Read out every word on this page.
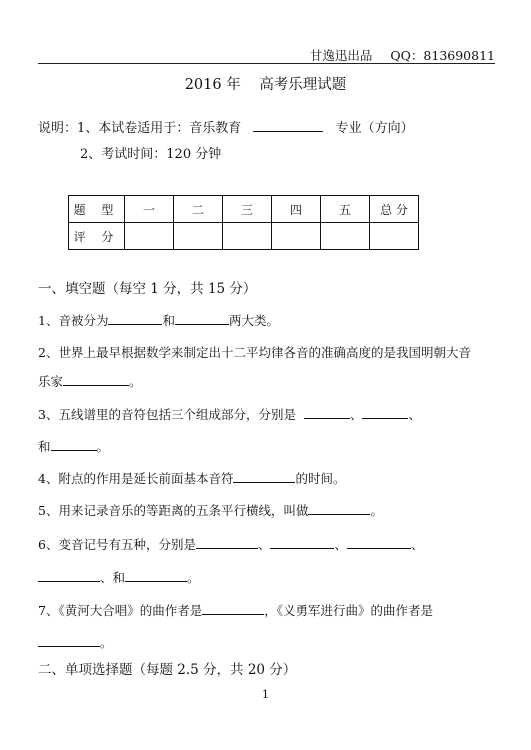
甘逸迅出品 QQ：813690811
2016 年 高考乐理试题
说明：1、本试卷适用于：音乐教育	专业（方向）
2、考试时间：120 分钟
题 型	一	二	三	四	五	总 分
评 分						
一、填空题（每空 1 分，共 15 分）
1、音被分为	和	两大类。
2、世界上最早根据数学来制定出十二平均律各音的准确高度的是我国明朝大音
乐家	。
3、五线谱里的音符包括三个组成部分，分别是	、	、
和	。
4、附点的作用是延长前面基本音符	的时间。
5、用来记录音乐的等距离的五条平行横线，叫做	。
6、变音记号有五种，分别是	、	、	、
、和	。
7、《黄河大合唱》的曲作者是	，《义勇军进行曲》的曲作者是
。
二、单项选择题（每题 2.5 分，共 20 分）
1
